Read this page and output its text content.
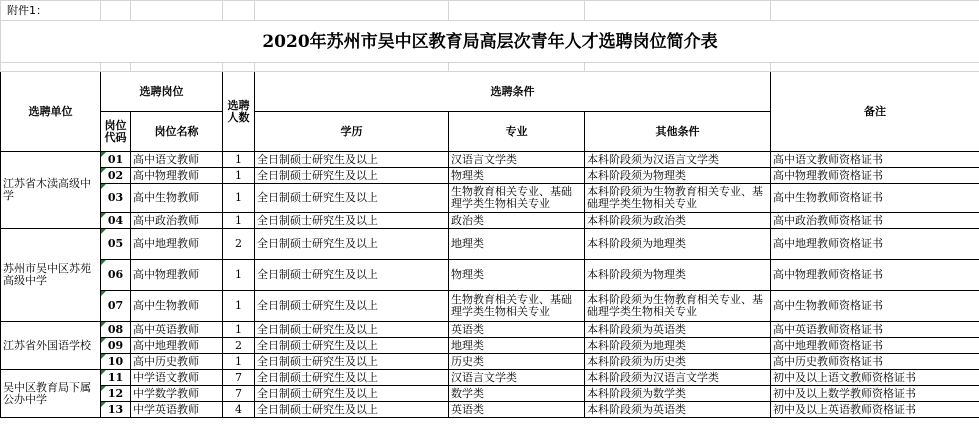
附件1：							
2020年苏州市吴中区教育局高层次青年人才选聘岗位简介表							

选聘单位	选聘岗位		选聘人数	选聘条件			备注
	岗位代码	岗位名称		学历	专业	其他条件	
江苏省木渎高级中学	01	高中语文教师	1	全日制硕士研究生及以上	汉语言文学类	本科阶段须为汉语言文学类	高中语文教师资格证书
	02	高中物理教师	1	全日制硕士研究生及以上	物理类	本科阶段须为物理类	高中物理教师资格证书
	03	高中生物教师	1	全日制硕士研究生及以上	生物教育相关专业、基础理学类生物相关专业	本科阶段须为生物教育相关专业、基础理学类生物相关专业	高中生物教师资格证书
	04	高中政治教师	1	全日制硕士研究生及以上	政治类	本科阶段须为政治类	高中政治教师资格证书
苏州市吴中区苏苑高级中学	05	高中地理教师	2	全日制硕士研究生及以上	地理类	本科阶段须为地理类	高中地理教师资格证书
	06	高中物理教师	1	全日制硕士研究生及以上	物理类	本科阶段须为物理类	高中物理教师资格证书
	07	高中生物教师	1	全日制硕士研究生及以上	生物教育相关专业、基础理学类生物相关专业	本科阶段须为生物教育相关专业、基础理学类生物相关专业	高中生物教师资格证书
江苏省外国语学校	08	高中英语教师	1	全日制硕士研究生及以上	英语类	本科阶段须为英语类	高中英语教师资格证书
	09	高中地理教师	2	全日制硕士研究生及以上	地理类	本科阶段须为地理类	高中地理教师资格证书
	10	高中历史教师	1	全日制硕士研究生及以上	历史类	本科阶段须为历史类	高中历史教师资格证书
吴中区教育局下属公办中学	11	中学语文教师	7	全日制硕士研究生及以上	汉语言文学类	本科阶段须为汉语言文学类	初中及以上语文教师资格证书
	12	中学数学教师	7	全日制硕士研究生及以上	数学类	本科阶段须为数学类	初中及以上数学教师资格证书
	13	中学英语教师	4	全日制硕士研究生及以上	英语类	本科阶段须为英语类	初中及以上英语教师资格证书
